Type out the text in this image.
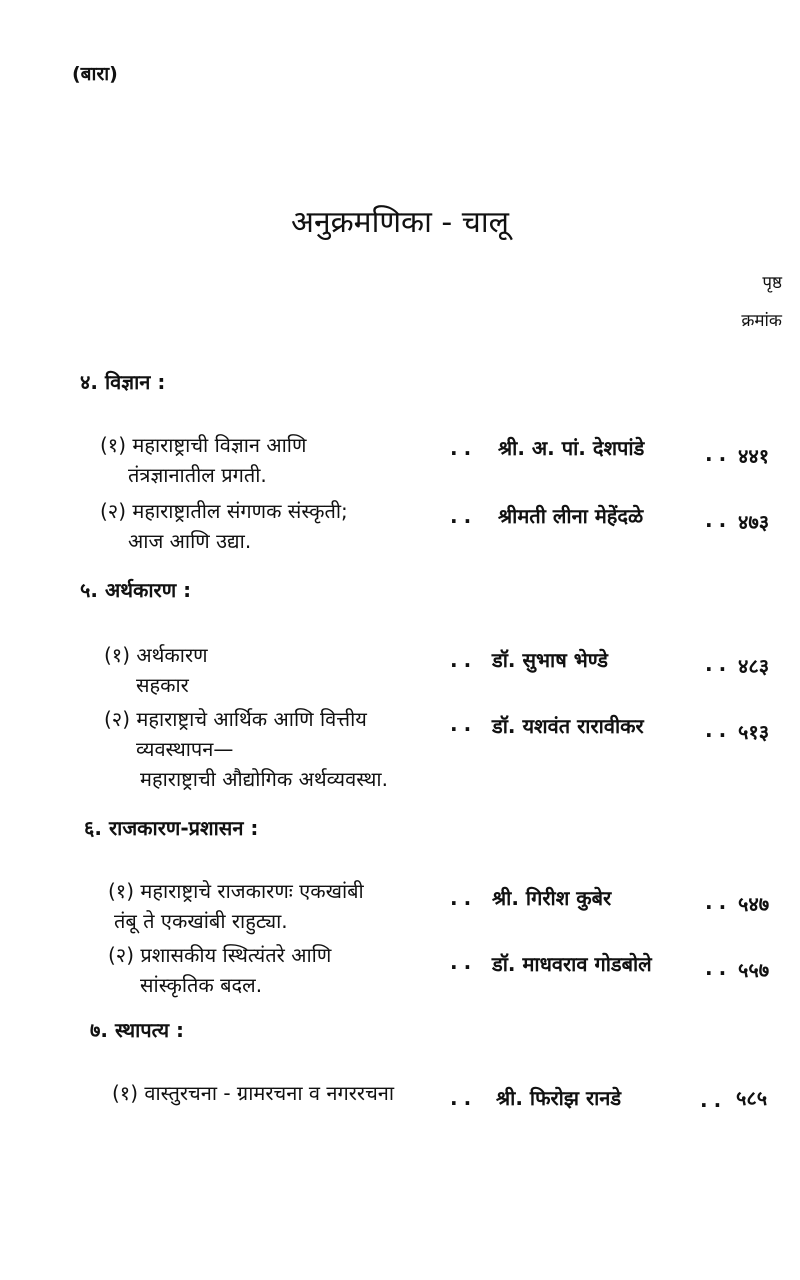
(बारा)
अनुक्रमणिका - चालू
पृष्ठ
क्रमांक
४. विज्ञान :
(१) महाराष्ट्राची विज्ञान आणि
तंत्रज्ञानातील प्रगती.
.. श्री. अ. पां. देशपांडे	.. ४४१
(२) महाराष्ट्रातील संगणक संस्कृती;
आज आणि उद्या.
.. श्रीमती लीना मेहेंदळे	.. ४७३
५. अर्थकारण :
(१) अर्थकारण
सहकार
.. डॉ. सुभाष भेण्डे	.. ४८३
(२) महाराष्ट्राचे आर्थिक आणि वित्तीय
व्यवस्थापन—
महाराष्ट्राची औद्योगिक अर्थव्यवस्था.
.. डॉ. यशवंत रारावीकर	.. ५१३
६. राजकारण-प्रशासन :
(१) महाराष्ट्राचे राजकारणः एकखांबी
तंबू ते एकखांबी राहुट्या.
.. श्री. गिरीश कुबेर	.. ५४७
(२) प्रशासकीय स्थित्यंतरे आणि
सांस्कृतिक बदल.
.. डॉ. माधवराव गोडबोले	.. ५५७
७. स्थापत्य :
(१) वास्तुरचना - ग्रामरचना व नगररचना	.. श्री. फिरोझ रानडे	.. ५८५
